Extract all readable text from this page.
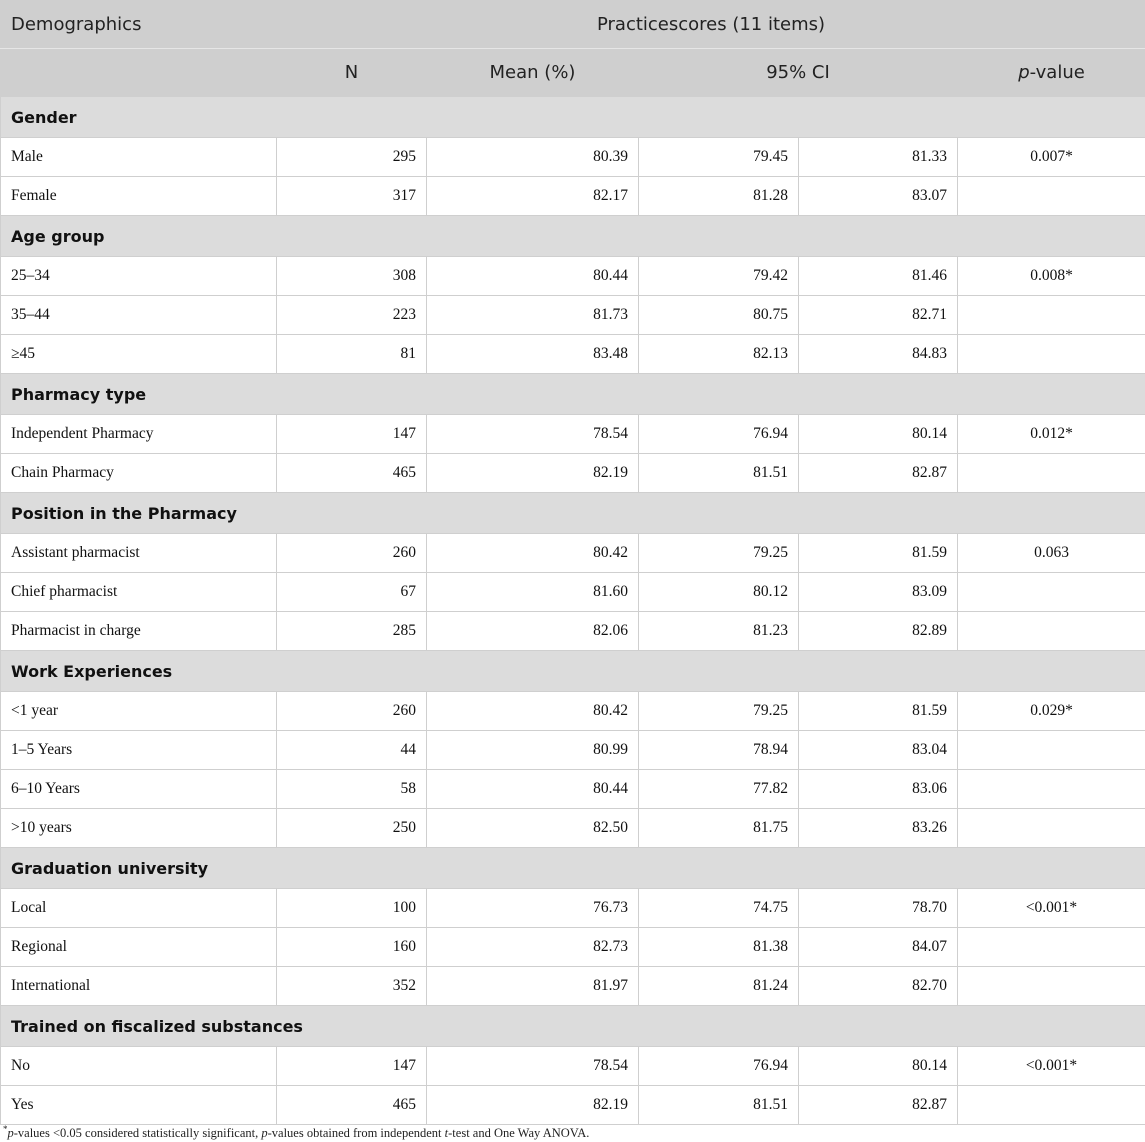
Demographics	Practicescores (11 items)				
	N	Mean (%)	95% CI		p-value
Gender					
Male	295	80.39	79.45	81.33	0.007*
Female	317	82.17	81.28	83.07	
Age group					
25–34	308	80.44	79.42	81.46	0.008*
35–44	223	81.73	80.75	82.71	
≥45	81	83.48	82.13	84.83	
Pharmacy type					
Independent Pharmacy	147	78.54	76.94	80.14	0.012*
Chain Pharmacy	465	82.19	81.51	82.87	
Position in the Pharmacy					
Assistant pharmacist	260	80.42	79.25	81.59	0.063
Chief pharmacist	67	81.60	80.12	83.09	
Pharmacist in charge	285	82.06	81.23	82.89	
Work Experiences					
<1 year	260	80.42	79.25	81.59	0.029*
1–5 Years	44	80.99	78.94	83.04	
6–10 Years	58	80.44	77.82	83.06	
>10 years	250	82.50	81.75	83.26	
Graduation university					
Local	100	76.73	74.75	78.70	<0.001*
Regional	160	82.73	81.38	84.07	
International	352	81.97	81.24	82.70	
Trained on fiscalized substances					
No	147	78.54	76.94	80.14	<0.001*
Yes	465	82.19	81.51	82.87	
*p-values <0.05 considered statistically significant, p-values obtained from independent t-test and One Way ANOVA.
